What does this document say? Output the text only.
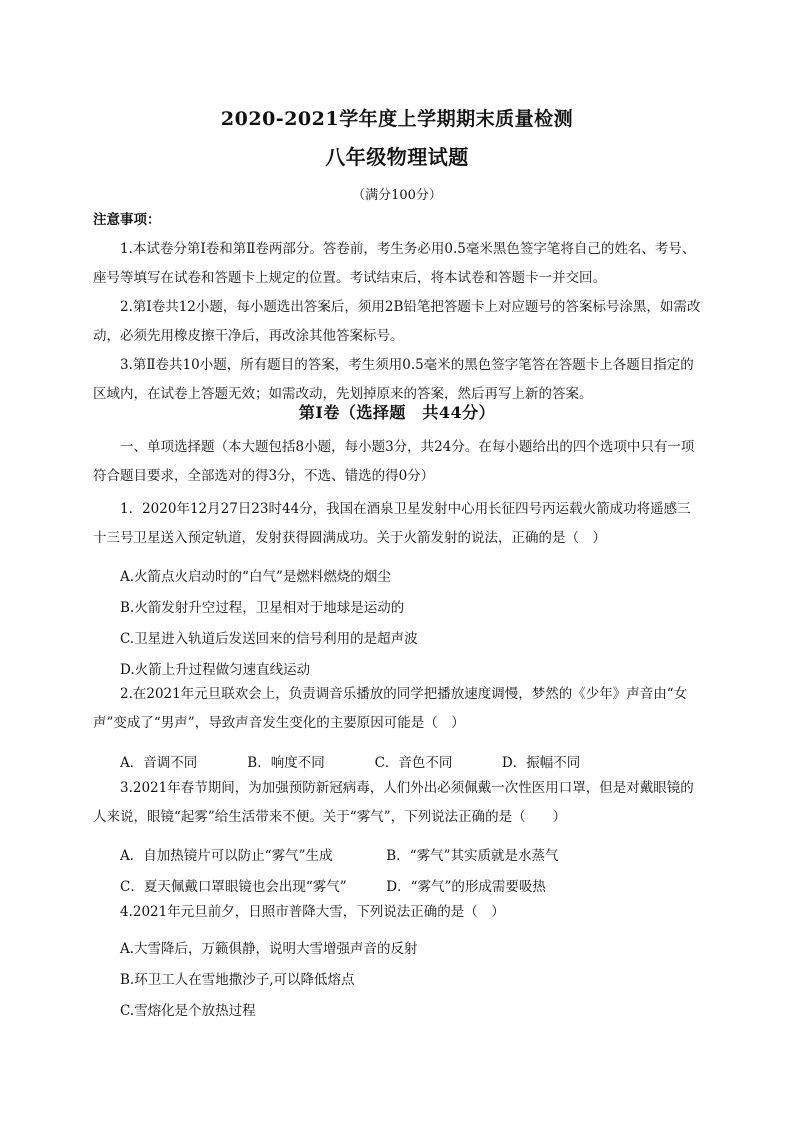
2020-2021学年度上学期期末质量检测
八年级物理试题
（满分100分）
注意事项：

1.本试卷分第Ⅰ卷和第Ⅱ卷两部分。答卷前，考生务必用0.5毫米黑色签字笔将自己的姓名、考号、座号等填写在试卷和答题卡上规定的位置。考试结束后，将本试卷和答题卡一并交回。

2.第Ⅰ卷共12小题，每小题选出答案后，须用2B铅笔把答题卡上对应题号的答案标号涂黑，如需改动，必须先用橡皮擦干净后，再改涂其他答案标号。

3.第Ⅱ卷共10小题，所有题目的答案，考生须用0.5毫米的黑色签字笔答在答题卡上各题目指定的区域内，在试卷上答题无效；如需改动，先划掉原来的答案，然后再写上新的答案。

第Ⅰ卷（选择题　共44分）

一、单项选择题（本大题包括8小题，每小题3分，共24分。在每小题给出的四个选项中只有一项符合题目要求，全部选对的得3分，不选、错选的得0分）

1．2020年12月27日23时44分，我国在酒泉卫星发射中心用长征四号丙运载火箭成功将遥感三十三号卫星送入预定轨道，发射获得圆满成功。关于火箭发射的说法，正确的是（　）

A.火箭点火启动时的“白气”是燃料燃烧的烟尘
B.火箭发射升空过程，卫星相对于地球是运动的
C.卫星进入轨道后发送回来的信号利用的是超声波
D.火箭上升过程做匀速直线运动

2.在2021年元旦联欢会上，负责调音乐播放的同学把播放速度调慢，梦然的《少年》声音由“女声”变成了“男声”，导致声音发生变化的主要原因可能是（　）

A．音调不同	B．响度不同	C．音色不同	D．振幅不同

3.2021年春节期间，为加强预防新冠病毒，人们外出必须佩戴一次性医用口罩，但是对戴眼镜的人来说，眼镜“起雾”给生活带来不便。关于“雾气”，下列说法正确的是（　　）

A．自加热镜片可以防止“雾气”生成	B．“雾气”其实质就是水蒸气
C．夏天佩戴口罩眼镜也会出现“雾气”	D．“雾气”的形成需要吸热

4.2021年元旦前夕，日照市普降大雪，下列说法正确的是（　）

A.大雪降后，万籁俱静，说明大雪增强声音的反射
B.环卫工人在雪地撒沙子,可以降低熔点
C.雪熔化是个放热过程
